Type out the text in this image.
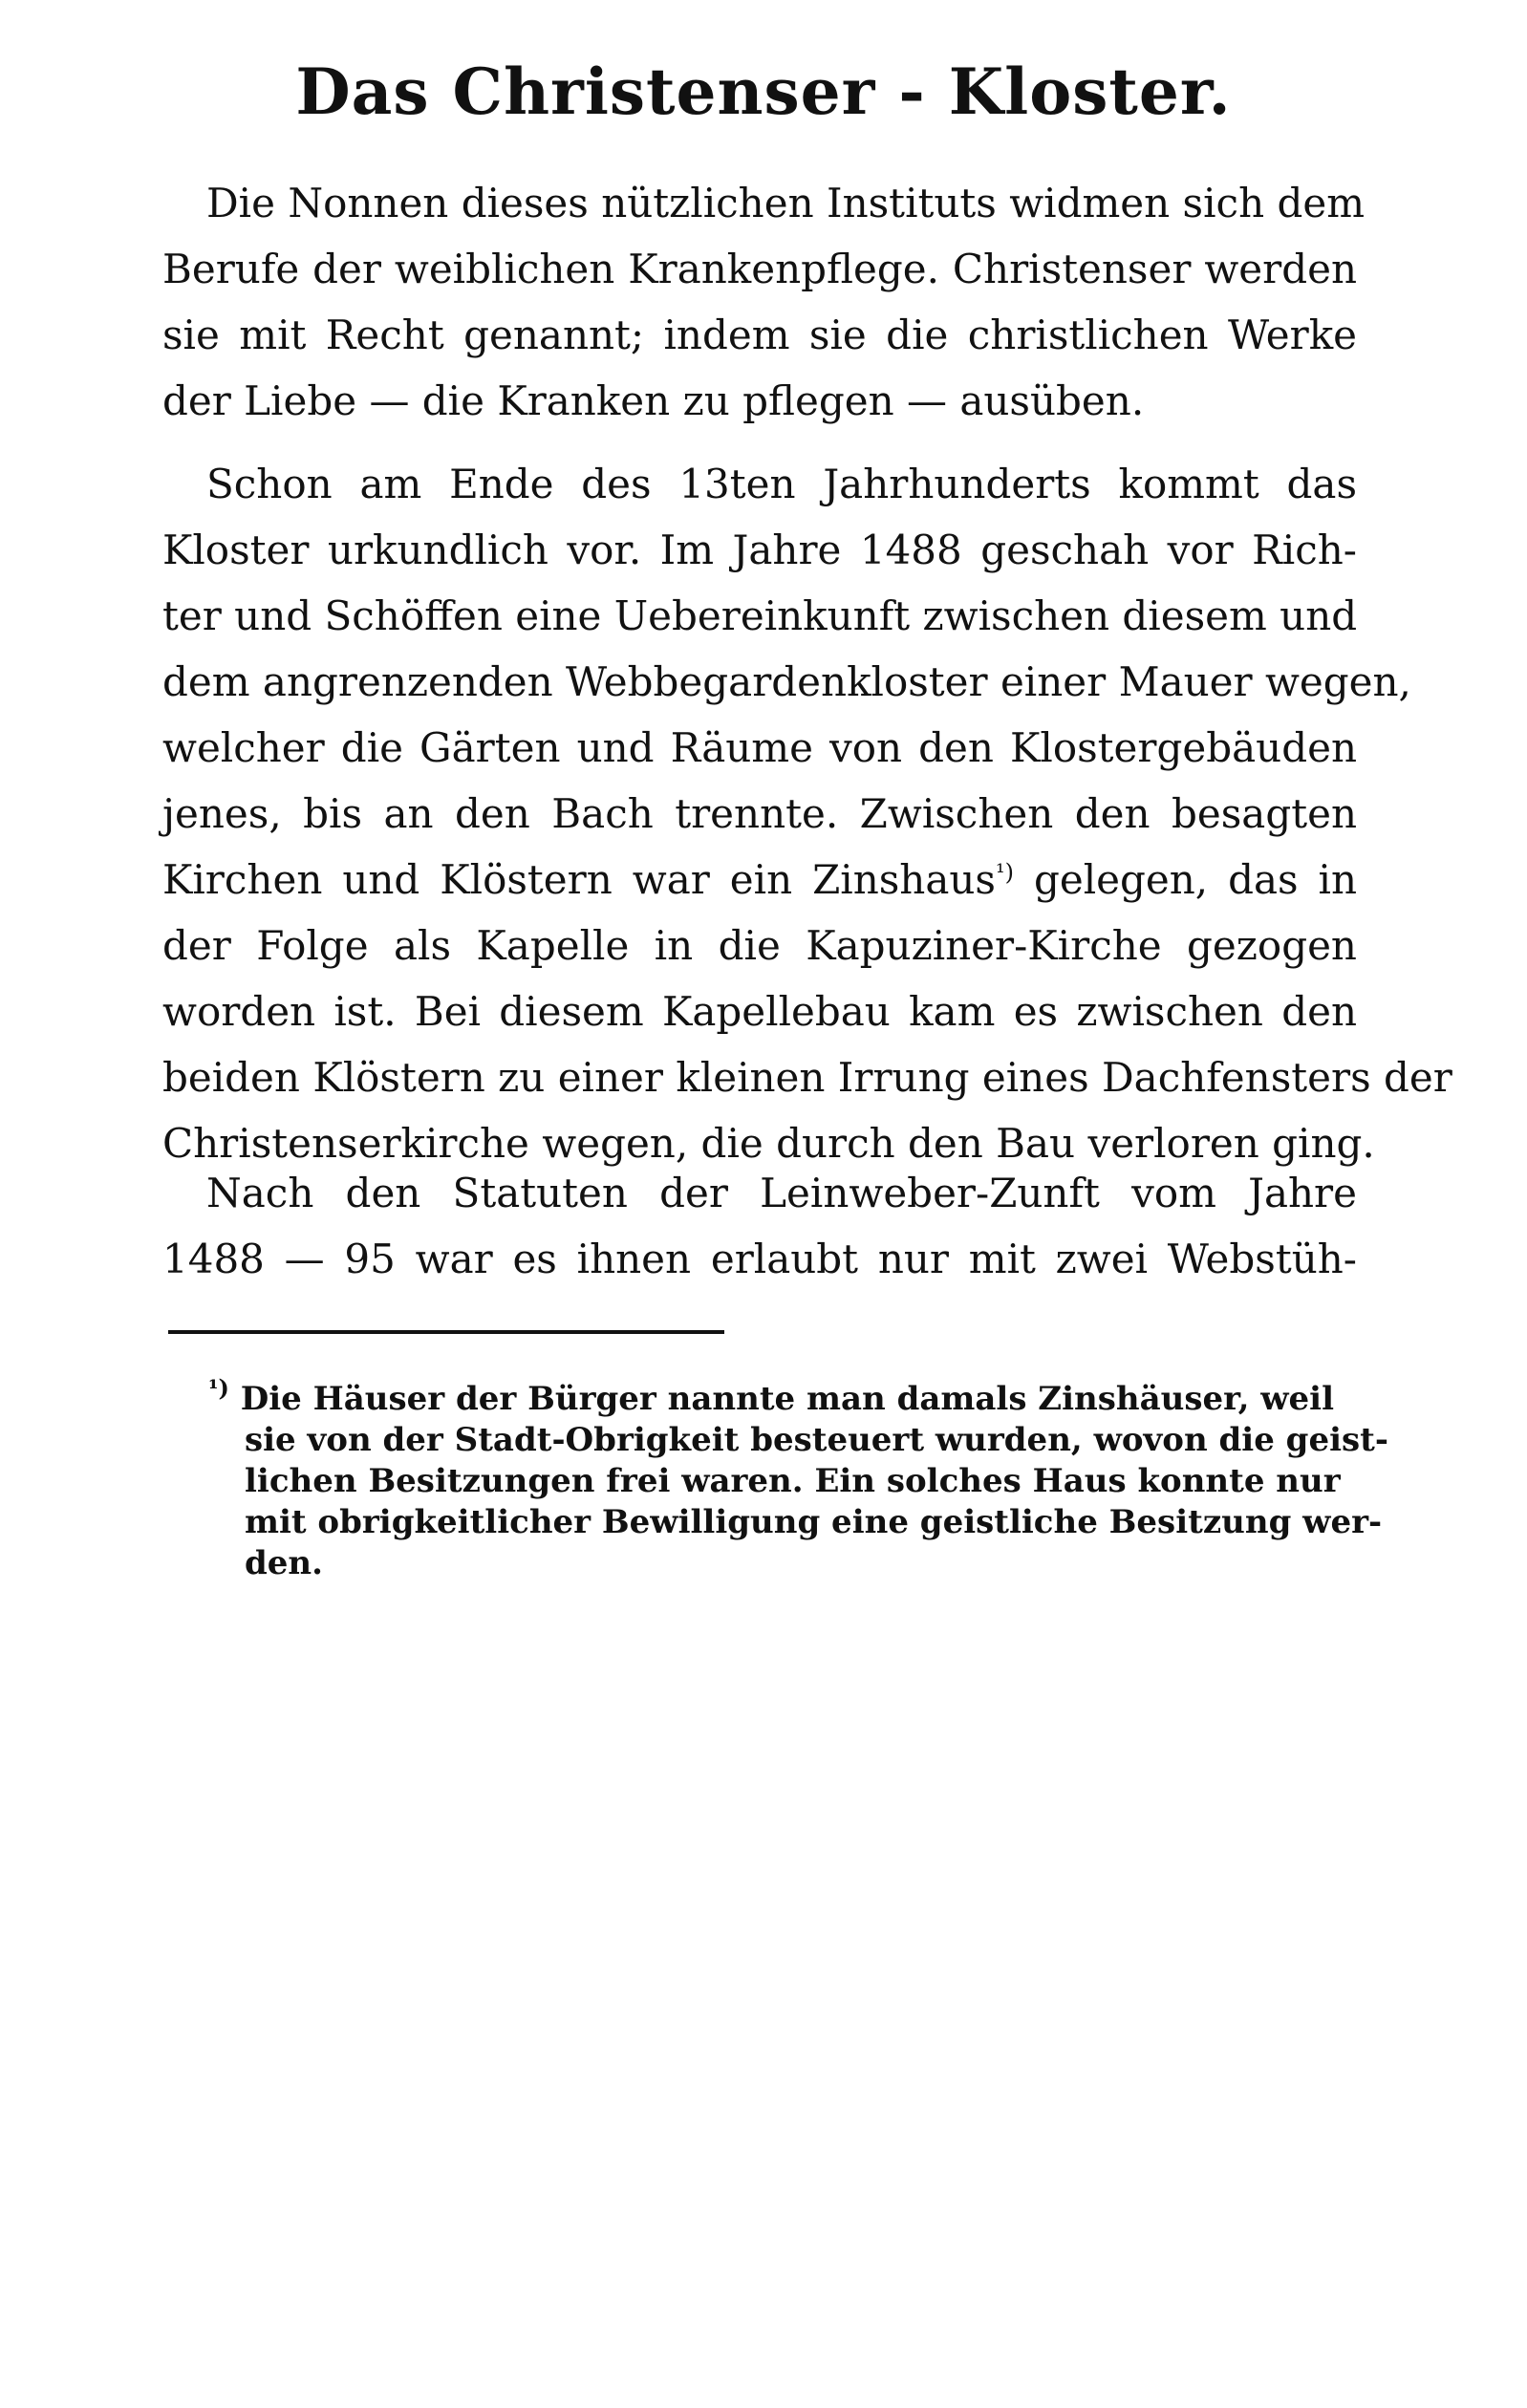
Das Christenser - Kloster.

Die Nonnen dieses nützlichen Instituts widmen sich dem
Berufe der weiblichen Krankenpflege. Christenser werden
sie mit Recht genannt; indem sie die christlichen Werke
der Liebe — die Kranken zu pflegen — ausüben.

Schon am Ende des 13ten Jahrhunderts kommt das
Kloster urkundlich vor. Im Jahre 1488 geschah vor Rich-
ter und Schöffen eine Uebereinkunft zwischen diesem und
dem angrenzenden Webbegardenkloster einer Mauer wegen,
welcher die Gärten und Räume von den Klostergebäuden
jenes, bis an den Bach trennte. Zwischen den besagten
Kirchen und Klöstern war ein Zinshaus$^{^1)}$ gelegen, das in
der Folge als Kapelle in die Kapuziner-Kirche gezogen
worden ist. Bei diesem Kapellebau kam es zwischen den
beiden Klöstern zu einer kleinen Irrung eines Dachfensters der
Christenserkirche wegen, die durch den Bau verloren ging.

Nach den Statuten der Leinweber-Zunft vom Jahre
1488 — 95 war es ihnen erlaubt nur mit zwei Webstüh-

$^{^1)}$ Die Häuser der Bürger nannte man damals Zinshäuser, weil
sie von der Stadt-Obrigkeit besteuert wurden, wovon die geist-
lichen Besitzungen frei waren. Ein solches Haus konnte nur
mit obrigkeitlicher Bewilligung eine geistliche Besitzung wer-
den.
